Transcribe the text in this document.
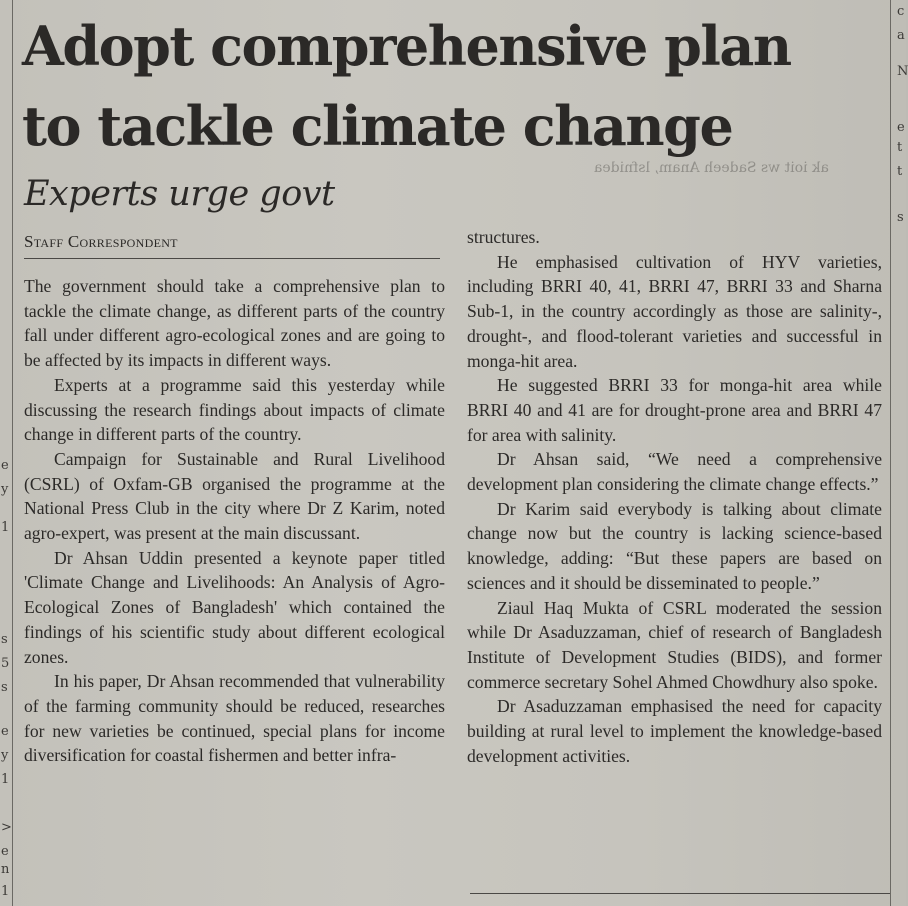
e
y
1
s
5
s
e
y
1
>
e
n
1
c
a
N
e
t
t
s
Adopt comprehensive plan
to tackle climate change
ak ioit ws Sadeeh Anam, lsfnidea
Experts urge govt
Staff Correspondent

The government should take a comprehensive plan to tackle the climate change, as different parts of the country fall under different agro-ecological zones and are going to be affected by its impacts in different ways.

Experts at a programme said this yesterday while discussing the research findings about impacts of climate change in different parts of the country.

Campaign for Sustainable and Rural Livelihood (CSRL) of Oxfam-GB organised the programme at the National Press Club in the city where Dr Z Karim, noted agro-expert, was present at the main discussant.

Dr Ahsan Uddin presented a keynote paper titled 'Climate Change and Livelihoods: An Analysis of Agro-Ecological Zones of Bangladesh' which contained the findings of his scientific study about different ecological zones.

In his paper, Dr Ahsan recommended that vulnerability of the farming community should be reduced, researches for new varieties be continued, special plans for income diversification for coastal fishermen and better infra-

structures.

He emphasised cultivation of HYV varieties, including BRRI 40, 41, BRRI 47, BRRI 33 and Sharna Sub-1, in the country accordingly as those are salinity-, drought-, and flood-tolerant varieties and successful in monga-hit area.

He suggested BRRI 33 for monga-hit area while BRRI 40 and 41 are for drought-prone area and BRRI 47 for area with salinity.

Dr Ahsan said, “We need a comprehensive development plan considering the climate change effects.”

Dr Karim said everybody is talking about climate change now but the country is lacking science-based knowledge, adding: “But these papers are based on sciences and it should be disseminated to people.”

Ziaul Haq Mukta of CSRL moderated the session while Dr Asaduzzaman, chief of research of Bangladesh Institute of Development Studies (BIDS), and former commerce secretary Sohel Ahmed Chowdhury also spoke.

Dr Asaduzzaman emphasised the need for capacity building at rural level to implement the knowledge-based development activities.
